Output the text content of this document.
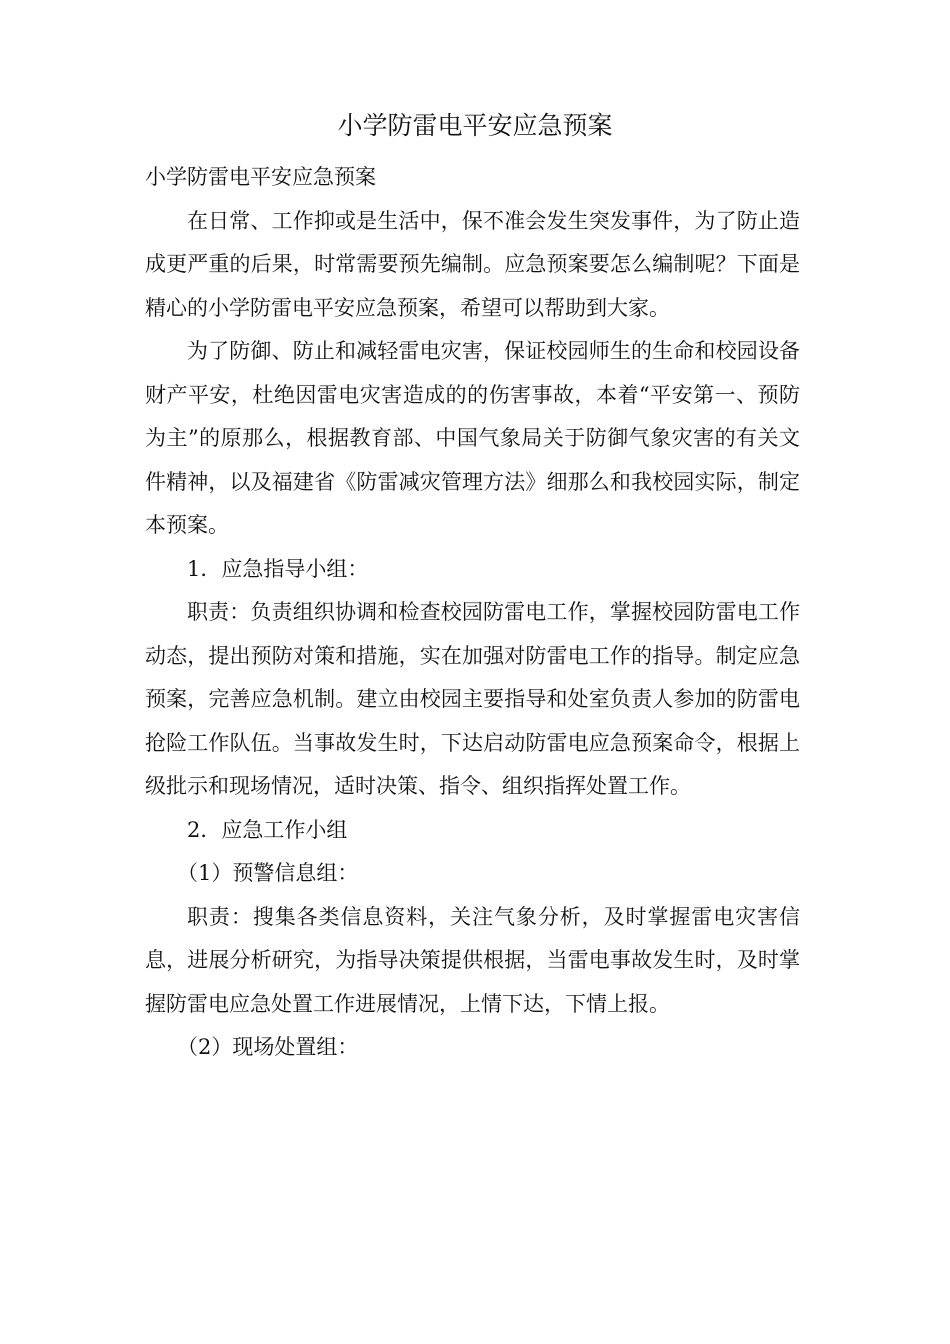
小学防雷电平安应急预案

小学防雷电平安应急预案

在日常、工作抑或是生活中，保不准会发生突发事件，为了防止造成更严重的后果，时常需要预先编制。应急预案要怎么编制呢？下面是精心的小学防雷电平安应急预案，希望可以帮助到大家。

为了防御、防止和减轻雷电灾害，保证校园师生的生命和校园设备财产平安，杜绝因雷电灾害造成的的伤害事故，本着“平安第一、预防为主”的原那么，根据教育部、中国气象局关于防御气象灾害的有关文件精神，以及福建省《防雷减灾管理方法》细那么和我校园实际，制定本预案。

1．应急指导小组：

职责：负责组织协调和检查校园防雷电工作，掌握校园防雷电工作动态，提出预防对策和措施，实在加强对防雷电工作的指导。制定应急预案，完善应急机制。建立由校园主要指导和处室负责人参加的防雷电抢险工作队伍。当事故发生时，下达启动防雷电应急预案命令，根据上级批示和现场情况，适时决策、指令、组织指挥处置工作。

2．应急工作小组

（1）预警信息组：

职责：搜集各类信息资料，关注气象分析，及时掌握雷电灾害信息，进展分析研究，为指导决策提供根据，当雷电事故发生时，及时掌握防雷电应急处置工作进展情况，上情下达，下情上报。

（2）现场处置组：
